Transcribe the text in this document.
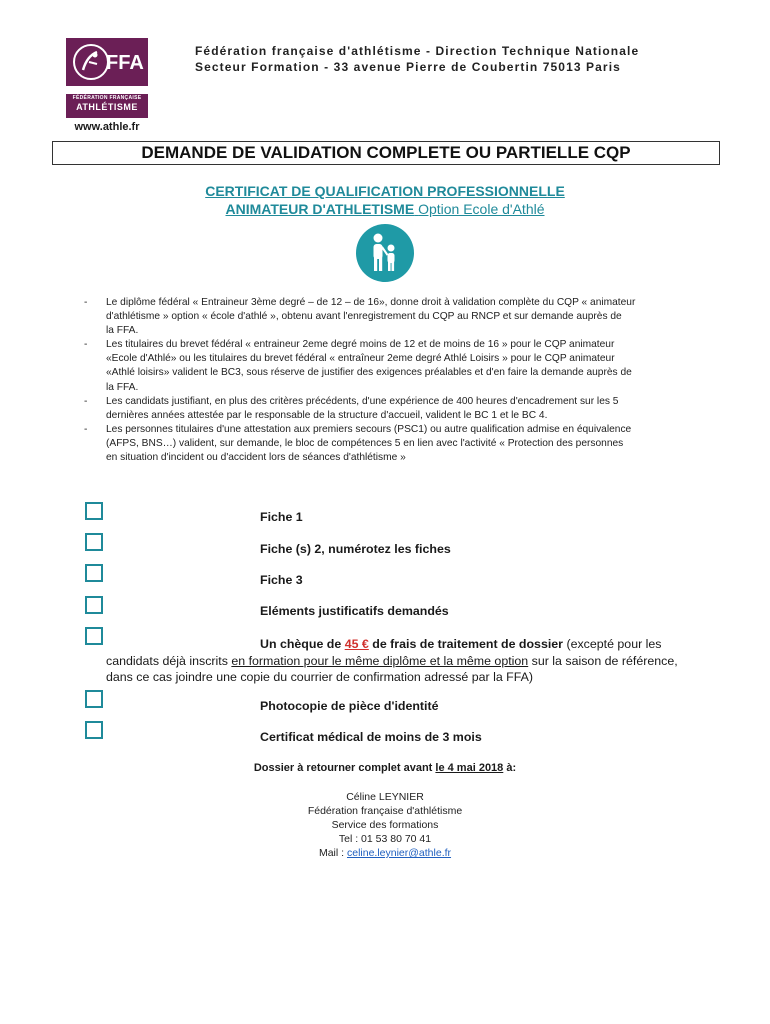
FFA
FÉDÉRATION FRANÇAISE
ATHLÉTISME
www.athle.fr
Fédération française d'athlétisme - Direction Technique Nationale
Secteur Formation - 33 avenue Pierre de Coubertin 75013 Paris
DEMANDE DE VALIDATION COMPLETE OU PARTIELLE CQP
CERTIFICAT DE QUALIFICATION PROFESSIONNELLE
ANIMATEUR D'ATHLETISME Option Ecole d'Athlé
- Le diplôme fédéral « Entraineur 3ème degré – de 12 – de 16», donne droit à validation complète du CQP « animateur
d'athlétisme » option « école d'athlé », obtenu avant l'enregistrement du CQP au RNCP et sur demande auprès de
la FFA.
- Les titulaires du brevet fédéral « entraineur 2eme degré moins de 12 et de moins de 16 » pour le CQP animateur
«Ecole d'Athlé» ou les titulaires du brevet fédéral « entraîneur 2eme degré Athlé Loisirs » pour le CQP animateur
«Athlé loisirs» valident le BC3, sous réserve de justifier des exigences préalables et d'en faire la demande auprès de
la FFA.
- Les candidats justifiant, en plus des critères précédents, d'une expérience de 400 heures d'encadrement sur les 5
dernières années attestée par le responsable de la structure d'accueil, valident le BC 1 et le BC 4.
- Les personnes titulaires d'une attestation aux premiers secours (PSC1) ou autre qualification admise en équivalence
(AFPS, BNS…) valident, sur demande, le bloc de compétences 5 en lien avec l'activité « Protection des personnes
en situation d'incident ou d'accident lors de séances d'athlétisme »
Fiche 1
Fiche (s) 2, numérotez les fiches
Fiche 3
Eléments justificatifs demandés
Un chèque de 45 € de frais de traitement de dossier (excepté pour les
candidats déjà inscrits en formation pour le même diplôme et la même option sur la saison de référence,
dans ce cas joindre une copie du courrier de confirmation adressé par la FFA)
Photocopie de pièce d'identité
Certificat médical de moins de 3 mois
Dossier à retourner complet avant le 4 mai 2018 à:
Céline LEYNIER
Fédération française d'athlétisme
Service des formations
Tel : 01 53 80 70 41
Mail : celine.leynier@athle.fr
